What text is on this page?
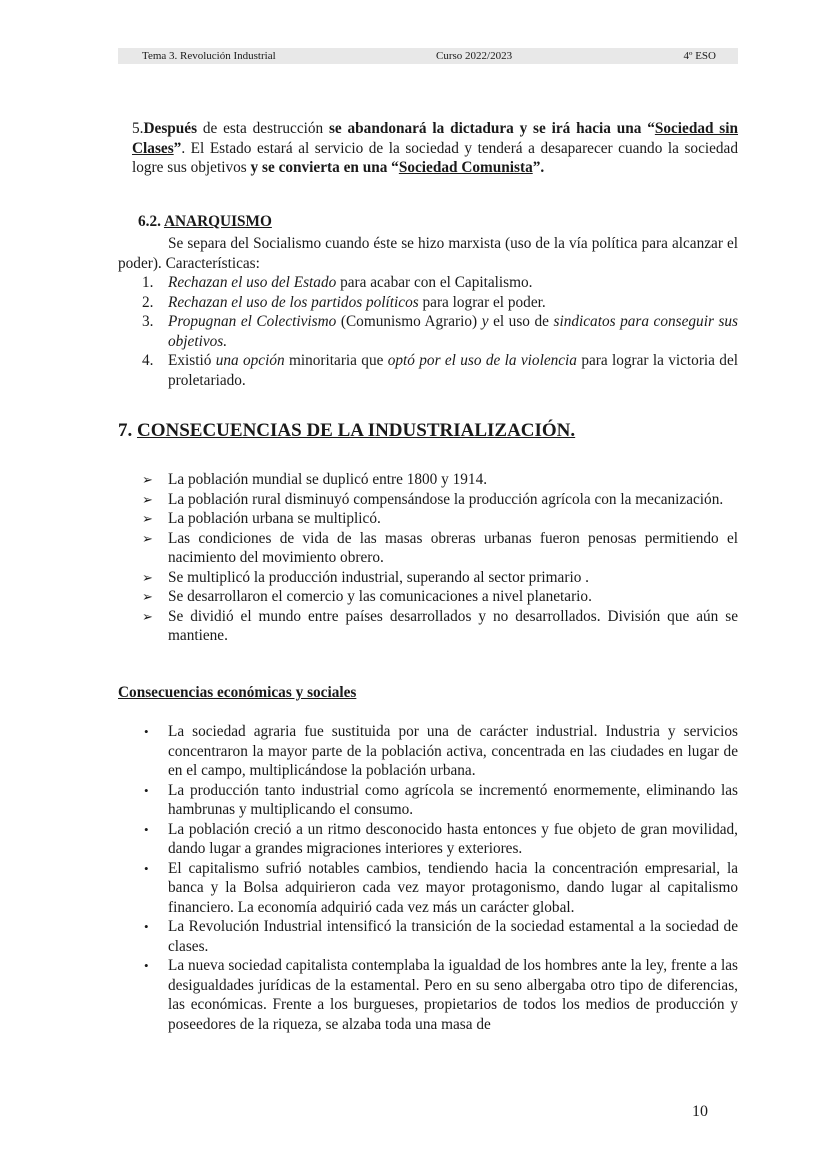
Tema 3. Revolución Industrial	Curso 2022/2023	4º ESO
5.Después de esta destrucción se abandonará la dictadura y se irá hacia una “Sociedad sin Clases”. El Estado estará al servicio de la sociedad y tenderá a desaparecer cuando la sociedad logre sus objetivos y se convierta en una “Sociedad Comunista”.
6.2. ANARQUISMO
Se separa del Socialismo cuando éste se hizo marxista (uso de la vía política para alcanzar el poder). Características:
1. Rechazan el uso del Estado para acabar con el Capitalismo.
2. Rechazan el uso de los partidos políticos para lograr el poder.
3. Propugnan el Colectivismo (Comunismo Agrario) y el uso de sindicatos para conseguir sus objetivos.
4. Existió una opción minoritaria que optó por el uso de la violencia para lograr la victoria del proletariado.
7. CONSECUENCIAS DE LA INDUSTRIALIZACIÓN.
➢ La población mundial se duplicó entre 1800 y 1914.
➢ La población rural disminuyó compensándose la producción agrícola con la mecanización.
➢ La población urbana se multiplicó.
➢ Las condiciones de vida de las masas obreras urbanas fueron penosas permitiendo el nacimiento del movimiento obrero.
➢ Se multiplicó la producción industrial, superando al sector primario .
➢ Se desarrollaron el comercio y las comunicaciones a nivel planetario.
➢ Se dividió el mundo entre países desarrollados y no desarrollados. División que aún se mantiene.
Consecuencias económicas y sociales
•	La sociedad agraria fue sustituida por una de carácter industrial. Industria y servicios concentraron la mayor parte de la población activa, concentrada en las ciudades en lugar de en el campo, multiplicándose la población urbana.
•	La producción tanto industrial como agrícola se incrementó enormemente, eliminando las hambrunas y multiplicando el consumo.
•	La población creció a un ritmo desconocido hasta entonces y fue objeto de gran movilidad, dando lugar a grandes migraciones interiores y exteriores.
•	El capitalismo sufrió notables cambios, tendiendo hacia la concentración empresarial, la banca y la Bolsa adquirieron cada vez mayor protagonismo, dando lugar al capitalismo financiero. La economía adquirió cada vez más un carácter global.
•	La Revolución Industrial intensificó la transición de la sociedad estamental a la sociedad de clases.
•	La nueva sociedad capitalista contemplaba la igualdad de los hombres ante la ley, frente a las desigualdades jurídicas de la estamental. Pero en su seno albergaba otro tipo de diferencias, las económicas. Frente a los burgueses, propietarios de todos los medios de producción y poseedores de la riqueza, se alzaba toda una masa de
10
